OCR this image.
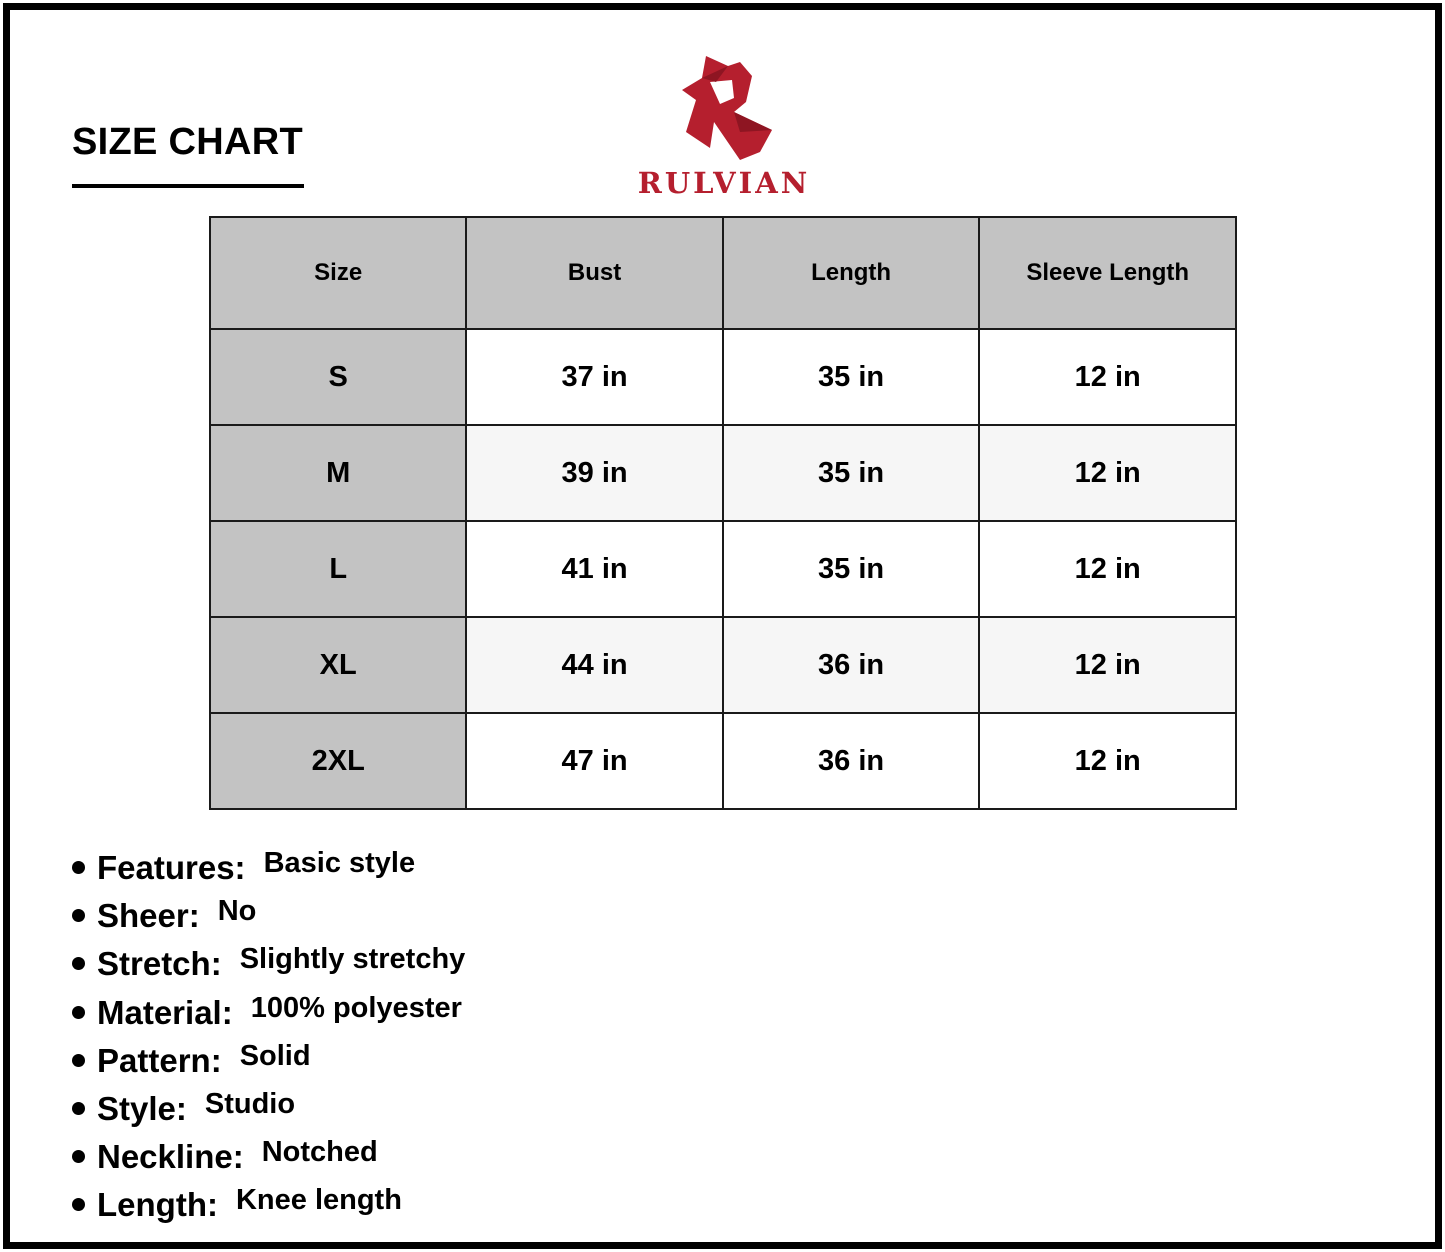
SIZE CHART
RULVIAN
Size	Bust	Length	Sleeve Length
S	37 in	35 in	12 in
M	39 in	35 in	12 in
L	41 in	35 in	12 in
XL	44 in	36 in	12 in
2XL	47 in	36 in	12 in
Features: Basic style
Sheer: No
Stretch: Slightly stretchy
Material: 100% polyester
Pattern: Solid
Style: Studio
Neckline: Notched
Length: Knee length
